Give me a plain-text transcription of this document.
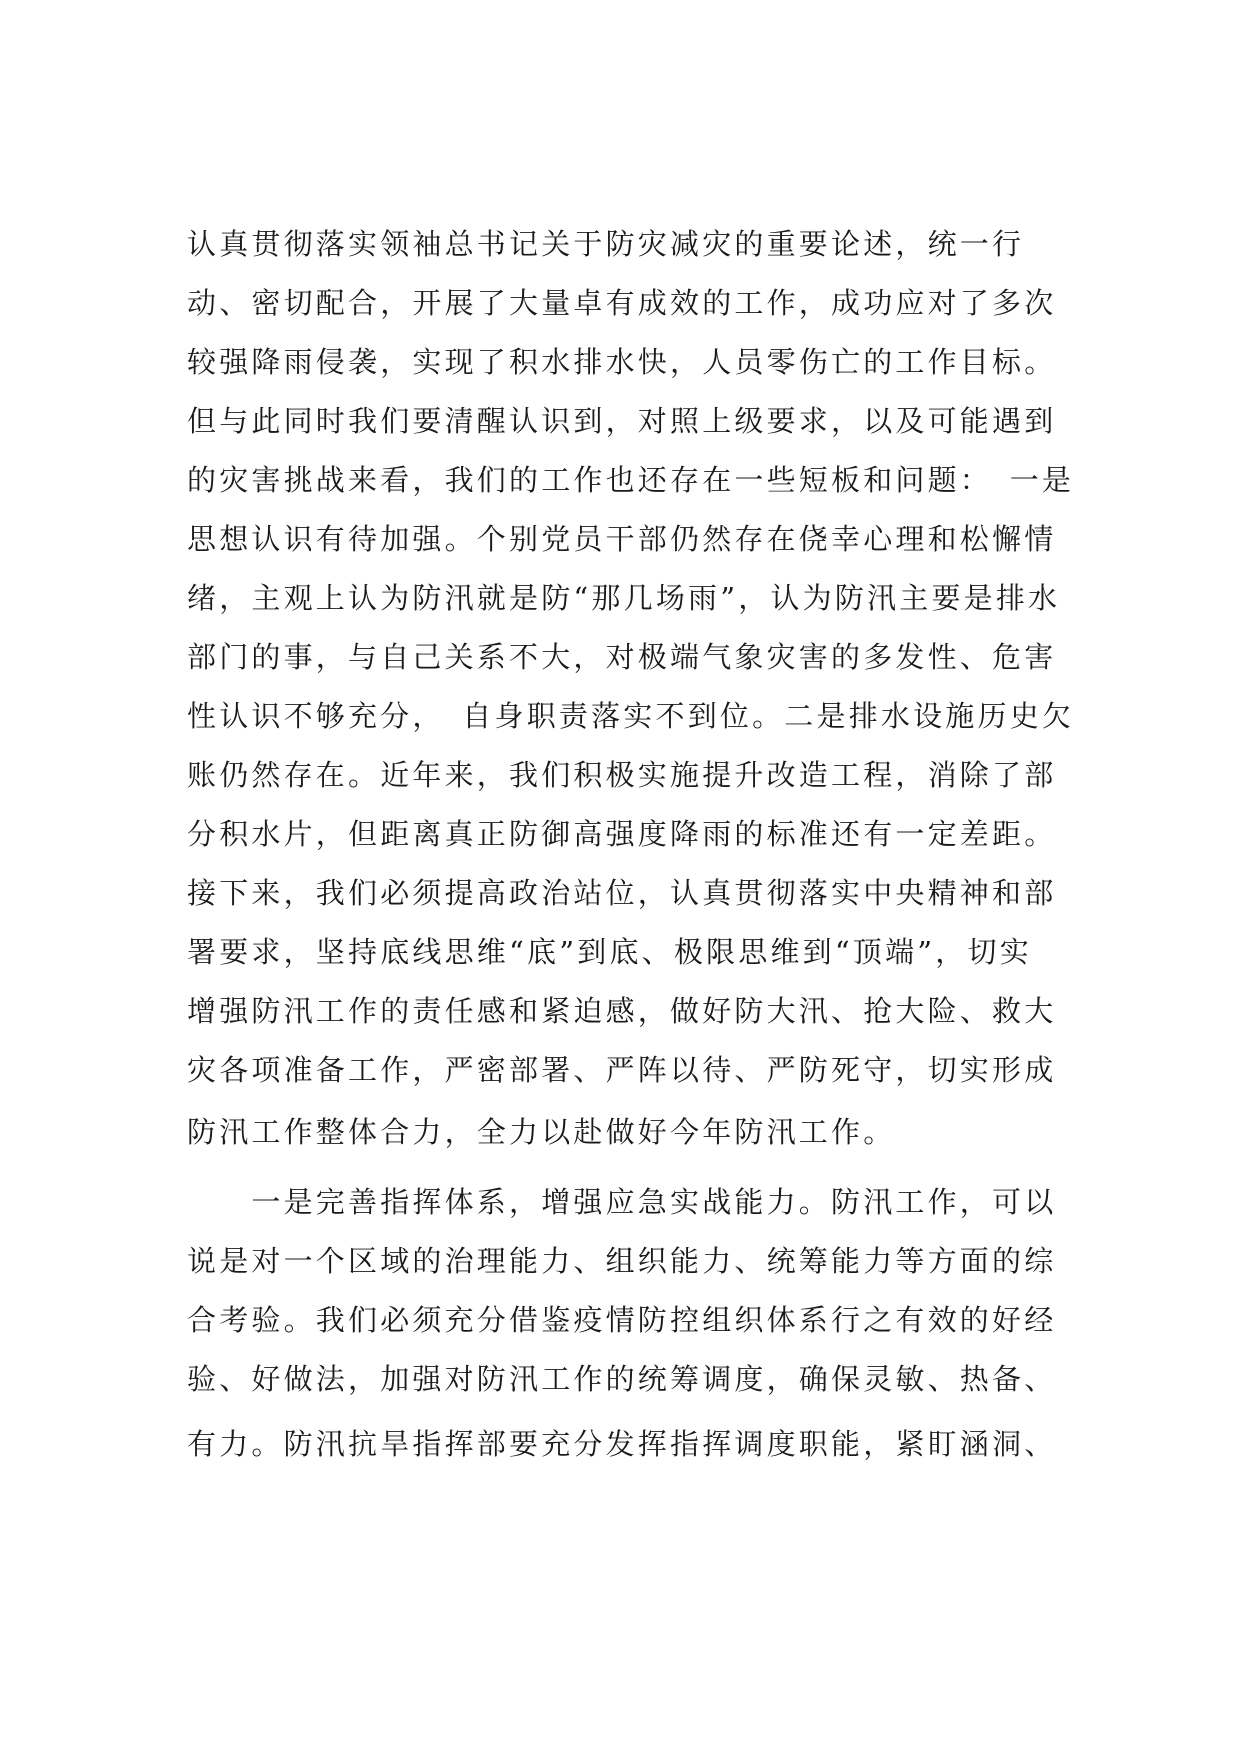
认真贯彻落实领袖总书记关于防灾减灾的重要论述，统一行
动、密切配合，开展了大量卓有成效的工作，成功应对了多次
较强降雨侵袭，实现了积水排水快，人员零伤亡的工作目标。
但与此同时我们要清醒认识到，对照上级要求，以及可能遇到
的灾害挑战来看，我们的工作也还存在一些短板和问题：　一是
思想认识有待加强。个别党员干部仍然存在侥幸心理和松懈情
绪，主观上认为防汛就是防“那几场雨”，认为防汛主要是排水
部门的事，与自己关系不大，对极端气象灾害的多发性、危害
性认识不够充分，　自身职责落实不到位。二是排水设施历史欠
账仍然存在。近年来，我们积极实施提升改造工程，消除了部
分积水片，但距离真正防御高强度降雨的标准还有一定差距。
接下来，我们必须提高政治站位，认真贯彻落实中央精神和部
署要求，坚持底线思维“底”到底、极限思维到“顶端”，切实
增强防汛工作的责任感和紧迫感，做好防大汛、抢大险、救大
灾各项准备工作，严密部署、严阵以待、严防死守，切实形成
防汛工作整体合力，全力以赴做好今年防汛工作。
　　一是完善指挥体系，增强应急实战能力。防汛工作，可以
说是对一个区域的治理能力、组织能力、统筹能力等方面的综
合考验。我们必须充分借鉴疫情防控组织体系行之有效的好经
验、好做法，加强对防汛工作的统筹调度，确保灵敏、热备、
有力。防汛抗旱指挥部要充分发挥指挥调度职能，紧盯涵洞、
